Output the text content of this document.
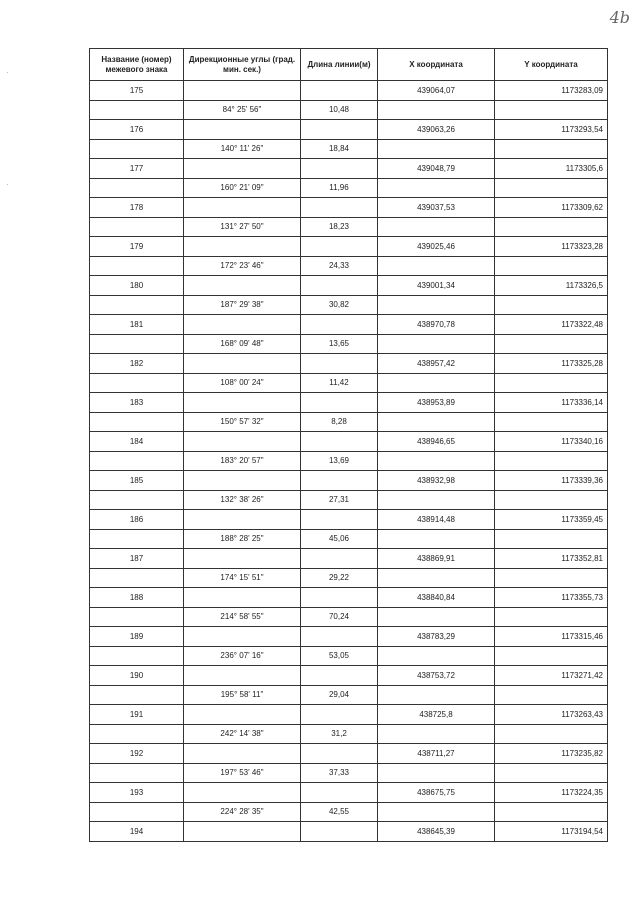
4b
·
·
Название (номер) межевого знака	Дирекционные углы (град. мин. сек.)	Длина линии(м)	X координата	Y координата
175			439064,07	1173283,09
	84° 25' 56"	10,48		
176			439063,26	1173293,54
	140° 11' 26"	18,84		
177			439048,79	1173305,6
	160° 21' 09"	11,96		
178			439037,53	1173309,62
	131° 27' 50"	18,23		
179			439025,46	1173323,28
	172° 23' 46"	24,33		
180			439001,34	1173326,5
	187° 29' 38"	30,82		
181			438970,78	1173322,48
	168° 09' 48"	13,65		
182			438957,42	1173325,28
	108° 00' 24"	11,42		
183			438953,89	1173336,14
	150° 57' 32"	8,28		
184			438946,65	1173340,16
	183° 20' 57"	13,69		
185			438932,98	1173339,36
	132° 38' 26"	27,31		
186			438914,48	1173359,45
	188° 28' 25"	45,06		
187			438869,91	1173352,81
	174° 15' 51"	29,22		
188			438840,84	1173355,73
	214° 58' 55"	70,24		
189			438783,29	1173315,46
	236° 07' 16"	53,05		
190			438753,72	1173271,42
	195° 58' 11"	29,04		
191			438725,8	1173263,43
	242° 14' 38"	31,2		
192			438711,27	1173235,82
	197° 53' 46"	37,33		
193			438675,75	1173224,35
	224° 28' 35"	42,55		
194			438645,39	1173194,54
